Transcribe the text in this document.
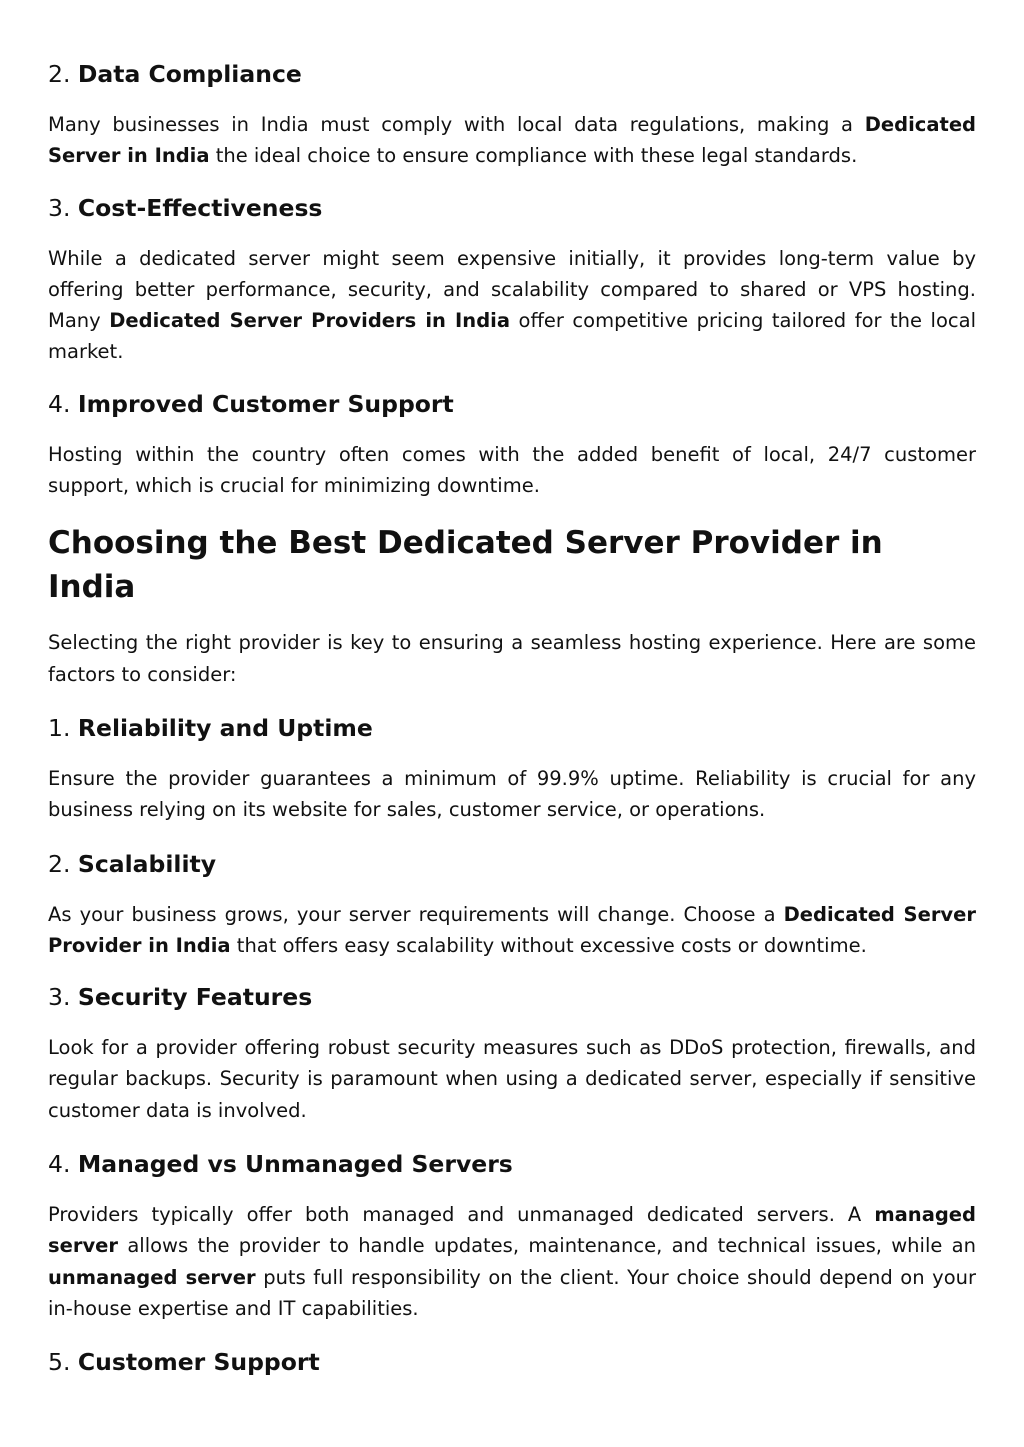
2. Data Compliance

Many businesses in India must comply with local data regulations, making a Dedicated Server in India the ideal choice to ensure compliance with these legal standards.

3. Cost-Effectiveness

While a dedicated server might seem expensive initially, it provides long-term value by offering better performance, security, and scalability compared to shared or VPS hosting. Many Dedicated Server Providers in India offer competitive pricing tailored for the local market.

4. Improved Customer Support

Hosting within the country often comes with the added benefit of local, 24/7 customer support, which is crucial for minimizing downtime.

Choosing the Best Dedicated Server Provider in India

Selecting the right provider is key to ensuring a seamless hosting experience. Here are some factors to consider:

1. Reliability and Uptime

Ensure the provider guarantees a minimum of 99.9% uptime. Reliability is crucial for any business relying on its website for sales, customer service, or operations.

2. Scalability

As your business grows, your server requirements will change. Choose a Dedicated Server Provider in India that offers easy scalability without excessive costs or downtime.

3. Security Features

Look for a provider offering robust security measures such as DDoS protection, firewalls, and regular backups. Security is paramount when using a dedicated server, especially if sensitive customer data is involved.

4. Managed vs Unmanaged Servers

Providers typically offer both managed and unmanaged dedicated servers. A managed server allows the provider to handle updates, maintenance, and technical issues, while an unmanaged server puts full responsibility on the client. Your choice should depend on your in-house expertise and IT capabilities.

5. Customer Support
